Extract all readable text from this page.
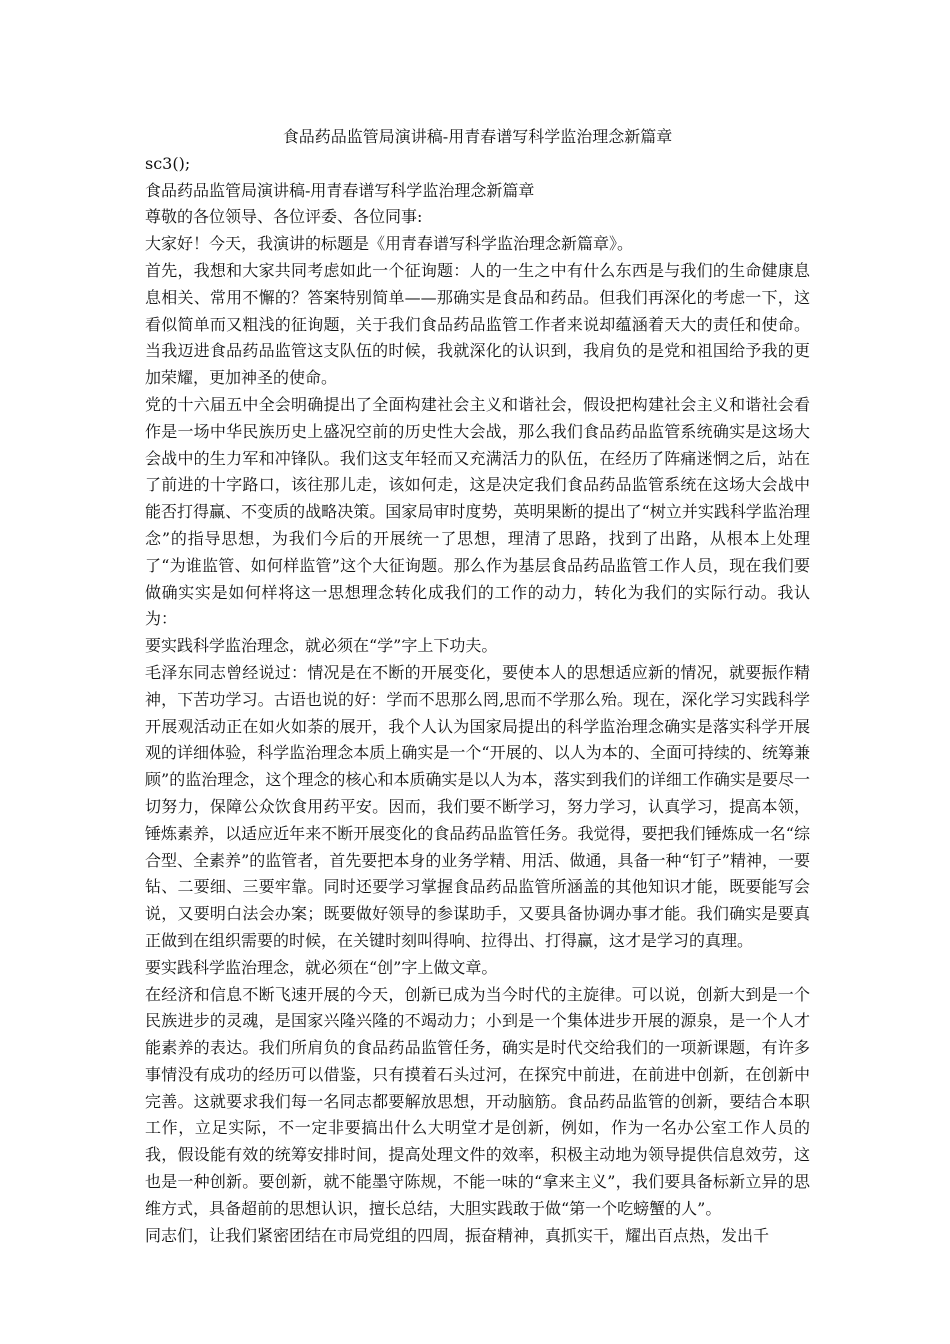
食品药品监管局演讲稿-用青春谱写科学监治理念新篇章

sc3();

食品药品监管局演讲稿-用青春谱写科学监治理念新篇章

尊敬的各位领导、各位评委、各位同事:

大家好！今天，我演讲的标题是《用青春谱写科学监治理念新篇章》。

首先，我想和大家共同考虑如此一个征询题：人的一生之中有什么东西是与我们的生命健康息息相关、常用不懈的？答案特别简单——那确实是食品和药品。但我们再深化的考虑一下，这看似简单而又粗浅的征询题，关于我们食品药品监管工作者来说却蕴涵着天大的责任和使命。当我迈进食品药品监管这支队伍的时候，我就深化的认识到，我肩负的是党和祖国给予我的更加荣耀，更加神圣的使命。

党的十六届五中全会明确提出了全面构建社会主义和谐社会，假设把构建社会主义和谐社会看作是一场中华民族历史上盛况空前的历史性大会战，那么我们食品药品监管系统确实是这场大会战中的生力军和冲锋队。我们这支年轻而又充满活力的队伍，在经历了阵痛迷惘之后，站在了前进的十字路口，该往那儿走，该如何走，这是决定我们食品药品监管系统在这场大会战中能否打得赢、不变质的战略决策。国家局审时度势，英明果断的提出了“树立并实践科学监治理念”的指导思想，为我们今后的开展统一了思想，理清了思路，找到了出路，从根本上处理了“为谁监管、如何样监管”这个大征询题。那么作为基层食品药品监管工作人员，现在我们要做确实实是如何样将这一思想理念转化成我们的工作的动力，转化为我们的实际行动。我认为：

要实践科学监治理念，就必须在“学”字上下功夫。

毛泽东同志曾经说过：情况是在不断的开展变化，要使本人的思想适应新的情况，就要振作精神，下苦功学习。古语也说的好：学而不思那么罔,思而不学那么殆。现在，深化学习实践科学开展观活动正在如火如荼的展开，我个人认为国家局提出的科学监治理念确实是落实科学开展观的详细体验，科学监治理念本质上确实是一个“开展的、以人为本的、全面可持续的、统筹兼顾”的监治理念，这个理念的核心和本质确实是以人为本，落实到我们的详细工作确实是要尽一切努力，保障公众饮食用药平安。因而，我们要不断学习，努力学习，认真学习，提高本领，锤炼素养，以适应近年来不断开展变化的食品药品监管任务。我觉得，要把我们锤炼成一名“综合型、全素养”的监管者，首先要把本身的业务学精、用活、做通，具备一种“钉子”精神，一要钻、二要细、三要牢靠。同时还要学习掌握食品药品监管所涵盖的其他知识才能，既要能写会说，又要明白法会办案；既要做好领导的参谋助手，又要具备协调办事才能。我们确实是要真正做到在组织需要的时候，在关键时刻叫得响、拉得出、打得赢，这才是学习的真理。

要实践科学监治理念，就必须在“创”字上做文章。

在经济和信息不断飞速开展的今天，创新已成为当今时代的主旋律。可以说，创新大到是一个民族进步的灵魂，是国家兴隆兴隆的不竭动力；小到是一个集体进步开展的源泉，是一个人才能素养的表达。我们所肩负的食品药品监管任务，确实是时代交给我们的一项新课题，有许多事情没有成功的经历可以借鉴，只有摸着石头过河，在探究中前进，在前进中创新，在创新中完善。这就要求我们每一名同志都要解放思想，开动脑筋。食品药品监管的创新，要结合本职工作，立足实际，不一定非要搞出什么大明堂才是创新，例如，作为一名办公室工作人员的我，假设能有效的统筹安排时间，提高处理文件的效率，积极主动地为领导提供信息效劳，这也是一种创新。要创新，就不能墨守陈规，不能一味的“拿来主义”，我们要具备标新立异的思维方式，具备超前的思想认识，擅长总结，大胆实践敢于做“第一个吃螃蟹的人”。

同志们，让我们紧密团结在市局党组的四周，振奋精神，真抓实干，耀出百点热，发出千
